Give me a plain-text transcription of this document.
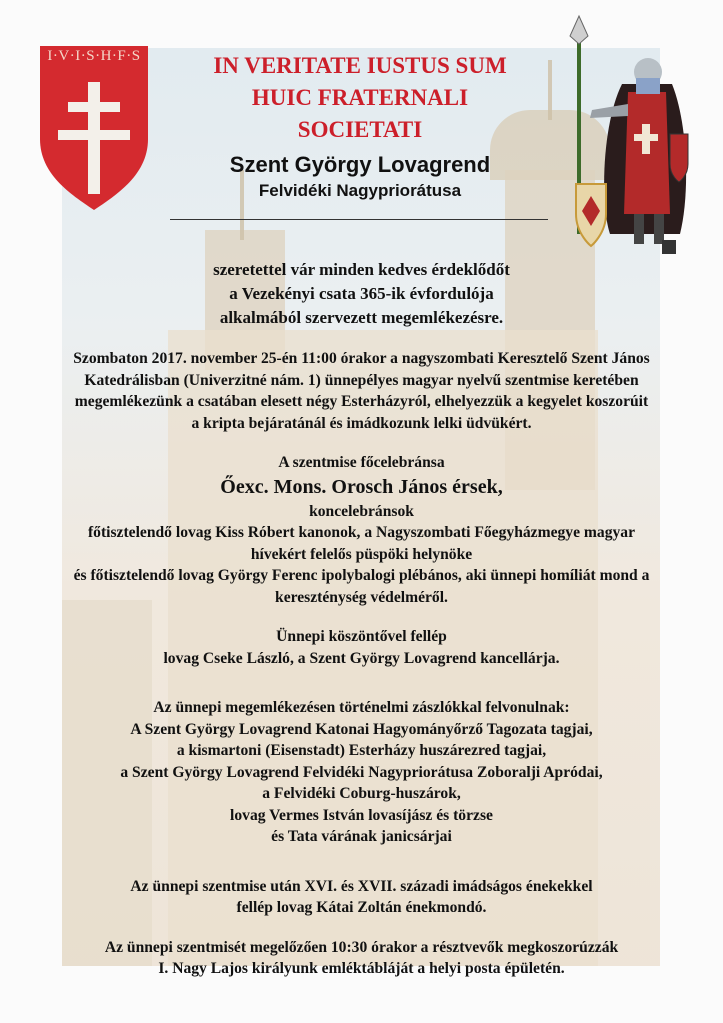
I·V·I·S·H·F·S	IN VERITATE IUSTUS SUM
HUIC FRATERNALI
SOCIETATI
Szent György Lovagrend
Felvidéki Nagypriorátusa

szeretettel vár minden kedves érdeklődőt

a Vezekényi csata 365-ik évfordulója

alkalmából szervezett megemlékezésre.

Szombaton 2017. november 25-én 11:00 órakor a nagyszombati Keresztelő Szent János

Katedrálisban (Univerzitné nám. 1) ünnepélyes magyar nyelvű szentmise keretében

megemlékezünk a csatában elesett négy Esterházyról, elhelyezzük a kegyelet koszorúit

a kripta bejáratánál és imádkozunk lelki üdvükért.

A szentmise főcelebránsa

Őexc. Mons. Orosch János érsek,

koncelebránsok

főtisztelendő lovag Kiss Róbert kanonok, a Nagyszombati Főegyházmegye magyar

hívekért felelős püspöki helynöke

és főtisztelendő lovag György Ferenc ipolybalogi plébános, aki ünnepi homíliát mond a

kereszténység védelméről.

Ünnepi köszöntővel fellép

lovag Cseke László, a Szent György Lovagrend kancellárja.

Az ünnepi megemlékezésen történelmi zászlókkal felvonulnak:

A Szent György Lovagrend Katonai Hagyományőrző Tagozata tagjai,

a kismartoni (Eisenstadt) Esterházy huszárezred tagjai,

a Szent György Lovagrend Felvidéki Nagypriorátusa Zoboralji Apródai,

a Felvidéki Coburg-huszárok,

lovag Vermes István lovasíjász és törzse

és Tata várának janicsárjai

Az ünnepi szentmise után XVI. és XVII. századi imádságos énekekkel

fellép lovag Kátai Zoltán énekmondó.

Az ünnepi szentmisét megelőzően 10:30 órakor a résztvevők megkoszorúzzák

I. Nagy Lajos királyunk emléktábláját a helyi posta épületén.
